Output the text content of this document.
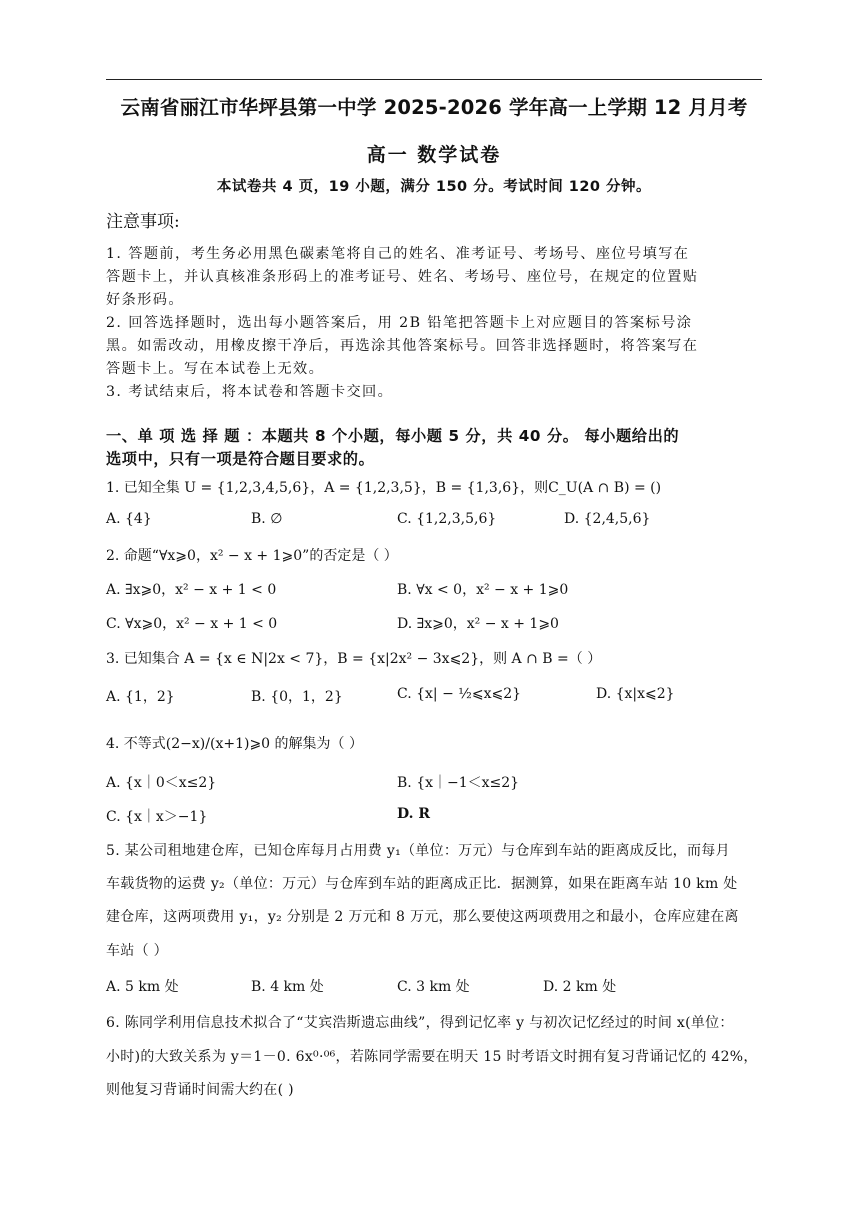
云南省丽江市华坪县第一中学 2025-2026 学年高一上学期 12 月月考
高一 数学试卷
本试卷共 4 页，19 小题，满分 150 分。考试时间 120 分钟。
注意事项:
1. 答题前，考生务必用黑色碳素笔将自己的姓名、准考证号、考场号、座位号填写在
答题卡上，并认真核准条形码上的准考证号、姓名、考场号、座位号，在规定的位置贴
好条形码。
2. 回答选择题时，选出每小题答案后，用 2B 铅笔把答题卡上对应题目的答案标号涂
黑。如需改动，用橡皮擦干净后，再选涂其他答案标号。回答非选择题时，将答案写在
答题卡上。写在本试卷上无效。
3. 考试结束后，将本试卷和答题卡交回。
一、单 项 选 择 题 ：本题共 8 个小题，每小题 5 分，共 40 分。 每小题给出的
选项中，只有一项是符合题目要求的。
1. 已知全集 U = {1,2,3,4,5,6}，A = {1,2,3,5}，B = {1,3,6}，则C_U(A ∩ B) = ()
A. {4}	B. ∅	C. {1,2,3,5,6}	D. {2,4,5,6}
2. 命题“∀x⩾0，x² − x + 1⩾0”的否定是（ ）
A. ∃x⩾0，x² − x + 1 < 0	B. ∀x < 0，x² − x + 1⩾0
C. ∀x⩾0，x² − x + 1 < 0	D. ∃x⩾0，x² − x + 1⩾0
3. 已知集合 A = {x ∈ N|2x < 7}，B = {x|2x² − 3x⩽2}，则 A ∩ B =（ ）
A. {1，2}	B. {0，1，2}	C. {x| − ½⩽x⩽2}	D. {x|x⩽2}
4. 不等式(2−x)/(x+1)⩾0 的解集为（ ）
A. {x｜0＜x≤2}	B. {x｜−1＜x≤2}
C. {x｜x＞−1}	D. R
5. 某公司租地建仓库，已知仓库每月占用费 y₁（单位：万元）与仓库到车站的距离成反比，而每月
车载货物的运费 y₂（单位：万元）与仓库到车站的距离成正比．据测算，如果在距离车站 10 km 处
建仓库，这两项费用 y₁，y₂ 分别是 2 万元和 8 万元，那么要使这两项费用之和最小，仓库应建在离
车站（ ）
A. 5 km 处	B. 4 km 处	C. 3 km 处	D. 2 km 处
6. 陈同学利用信息技术拟合了“艾宾浩斯遗忘曲线”，得到记忆率 y 与初次记忆经过的时间 x(单位：
小时)的大致关系为 y＝1－0. 6x⁰·⁰⁶，若陈同学需要在明天 15 时考语文时拥有复习背诵记忆的 42%，
则他复习背诵时间需大约在( )
